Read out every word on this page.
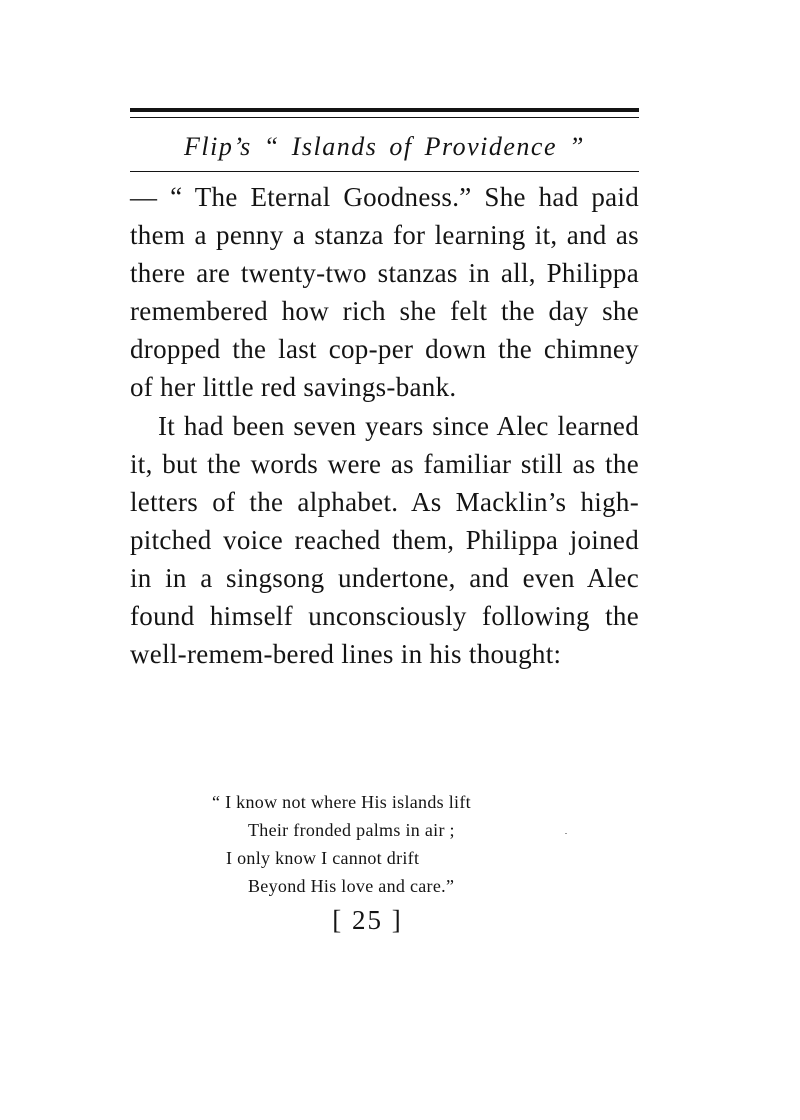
Flip’s “ Islands of Providence ”

— “ The Eternal Goodness.” She had paid them a penny a stanza for learning it, and as there are twenty-two stanzas in all, Philippa remembered how rich she felt the day she dropped the last cop-per down the chimney of her little red savings-bank.

It had been seven years since Alec learned it, but the words were as familiar still as the letters of the alphabet. As Macklin’s high-pitched voice reached them, Philippa joined in in a singsong undertone, and even Alec found himself unconsciously following the well-remem-bered lines in his thought:

“ I know not where His islands lift
Their fronded palms in air ;
I only know I cannot drift
Beyond His love and care.”
[ 25 ]
